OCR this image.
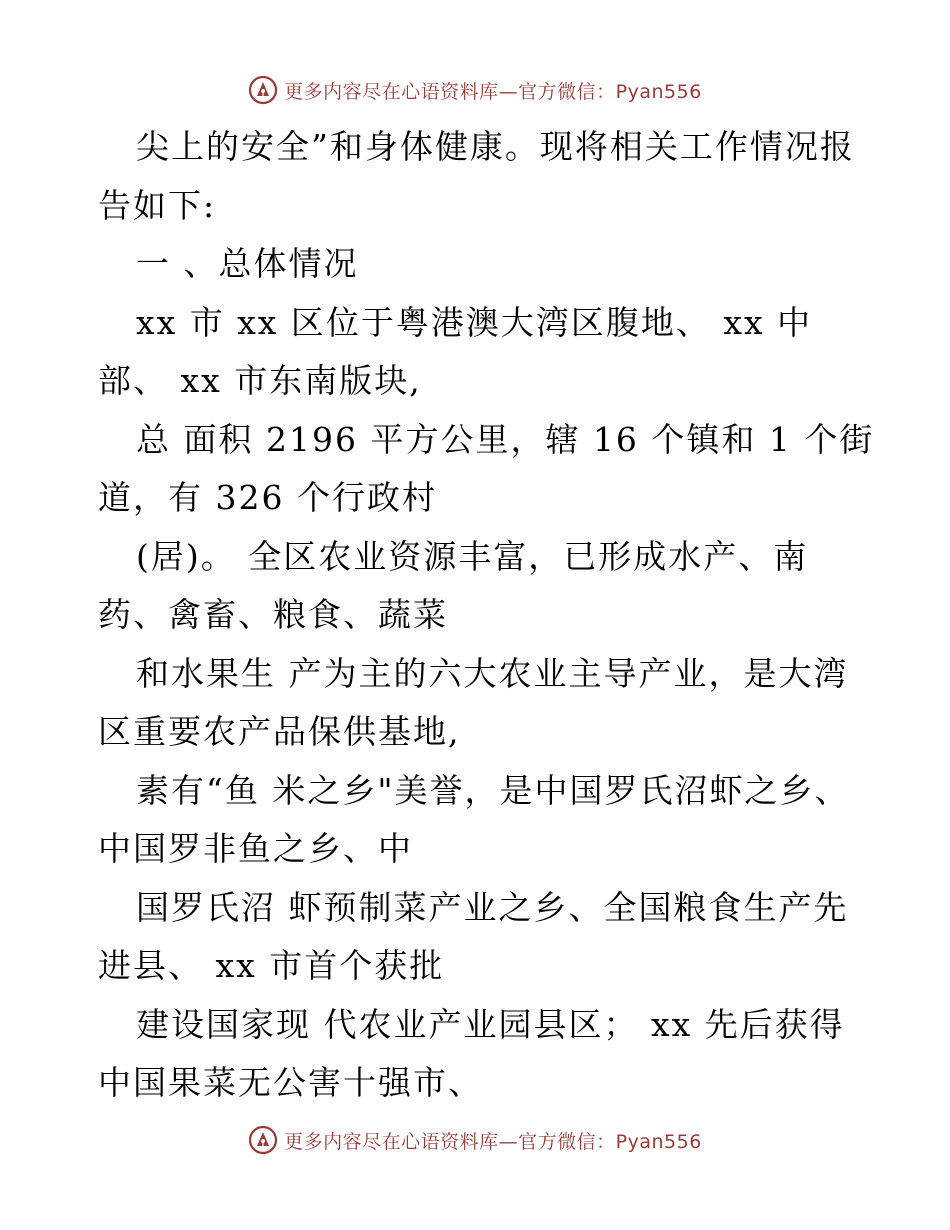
更多内容尽在心语资料库—官方微信：Pyan556
尖上的安全”和身体健康。现将相关工作情况报
告如下:
一 、总体情况
xx 市 xx 区位于粤港澳大湾区腹地、 xx 中
部、 xx 市东南版块,
总 面积 2196 平方公里，辖 16 个镇和 1 个街
道，有 326 个行政村
(居)。 全区农业资源丰富，已形成水产、南
药、禽畜、粮食、蔬菜
和水果生 产为主的六大农业主导产业，是大湾
区重要农产品保供基地,
素有“鱼 米之乡"美誉，是中国罗氏沼虾之乡、
中国罗非鱼之乡、中
国罗氏沼 虾预制菜产业之乡、全国粮食生产先
进县、 xx 市首个获批
建设国家现 代农业产业园县区； xx 先后获得
中国果菜无公害十强市、
更多内容尽在心语资料库—官方微信：Pyan556
